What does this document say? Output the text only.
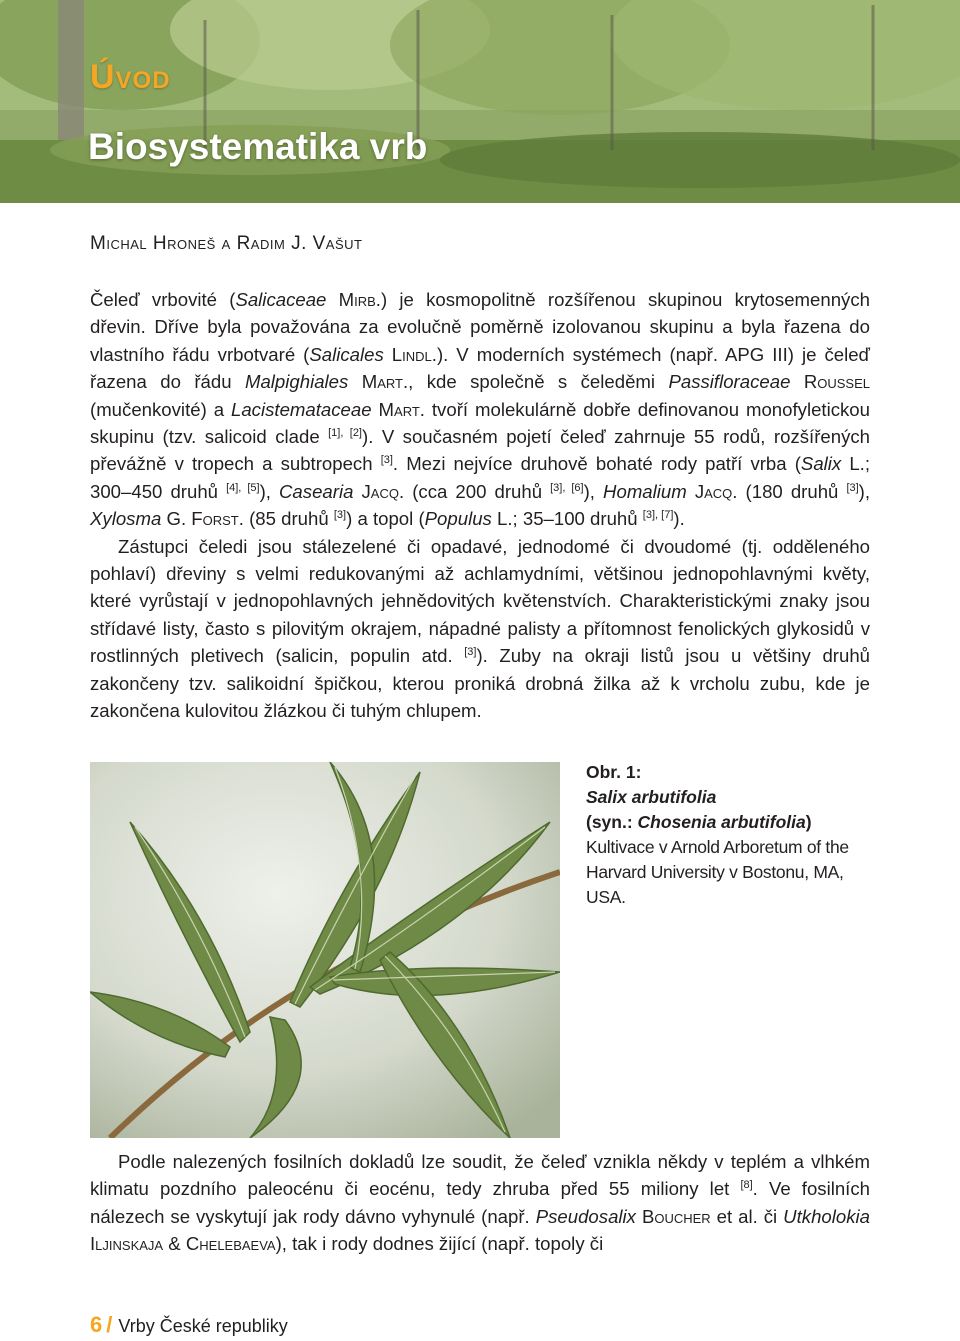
Úvod
Biosystematika vrb

Michal Hroneš a Radim J. Vašut

Čeleď vrbovité (Salicaceae Mirb.) je kosmopolitně rozšířenou skupinou krytosemenných dřevin. Dříve byla považována za evolučně poměrně izolovanou skupinu a byla řazena do vlastního řádu vrbotvaré (Salicales Lindl.). V moderních systémech (např. APG III) je čeleď řazena do řádu Malpighiales Mart., kde společně s čeleděmi Passifloraceae Roussel (mučenkovité) a Lacistemataceae Mart. tvoří molekulárně dobře definovanou monofyletickou skupinu (tzv. salicoid clade [1], [2]). V současném pojetí čeleď zahrnuje 55 rodů, rozšířených převážně v tropech a subtropech [3]. Mezi nejvíce druhově bohaté rody patří vrba (Salix L.; 300–450 druhů [4], [5]), Casearia Jacq. (cca 200 druhů [3], [6]), Homalium Jacq. (180 druhů [3]), Xylosma G. Forst. (85 druhů [3]) a topol (Populus L.; 35–100 druhů [3], [7]).
Zástupci čeledi jsou stálezelené či opadavé, jednodomé či dvoudomé (tj. odděleného pohlaví) dřeviny s velmi redukovanými až achlamydními, většinou jednopohlavnými květy, které vyrůstají v jednopohlavných jehnědovitých květenstvích. Charakteristickými znaky jsou střídavé listy, často s pilovitým okrajem, nápadné palisty a přítomnost fenolických glykosidů v rostlinných pletivech (salicin, populin atd. [3]). Zuby na okraji listů jsou u většiny druhů zakončeny tzv. salikoidní špičkou, kterou proniká drobná žilka až k vrcholu zubu, kde je zakončena kulovitou žlázkou či tuhým chlupem.

Obr. 1:
Salix arbutifolia
(syn.: Chosenia arbutifolia)
Kultivace v Arnold Arboretum of the Harvard University v Bostonu, MA, USA.

Podle nalezených fosilních dokladů lze soudit, že čeleď vznikla někdy v teplém a vlhkém klimatu pozdního paleocénu či eocénu, tedy zhruba před 55 miliony let [8]. Ve fosilních nálezech se vyskytují jak rody dávno vyhynulé (např. Pseudosalix Boucher et al. či Utkholokia Iljinskaja & Chelebaeva), tak i rody dodnes žijící (např. topoly či

6 / Vrby České republiky
